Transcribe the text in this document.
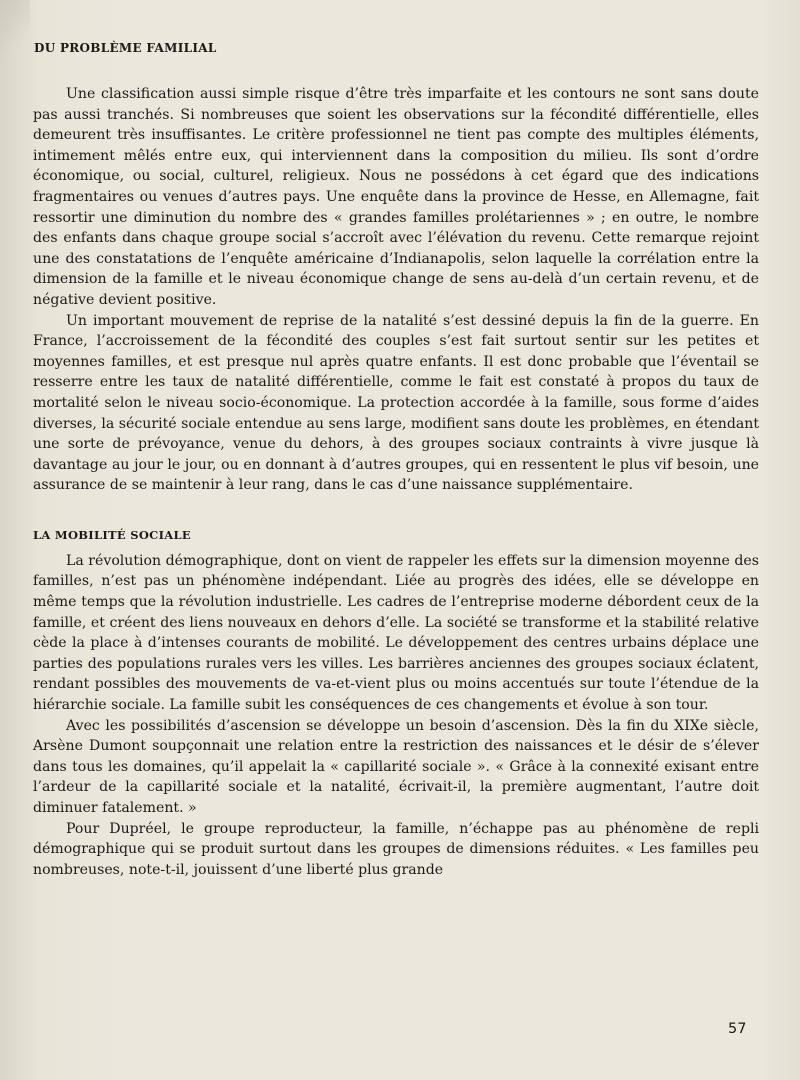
DU PROBLÈME FAMILIAL

Une classification aussi simple risque d’être très imparfaite et les contours ne sont sans doute pas aussi tranchés. Si nombreuses que soient les observations sur la fécondité différentielle, elles demeurent très insuffisantes. Le critère professionnel ne tient pas compte des multiples éléments, intimement mêlés entre eux, qui interviennent dans la composition du milieu. Ils sont d’ordre économique, ou social, culturel, religieux. Nous ne possédons à cet égard que des indications fragmentaires ou venues d’autres pays. Une enquête dans la province de Hesse, en Allemagne, fait ressortir une diminution du nombre des « grandes familles prolétariennes » ; en outre, le nombre des enfants dans chaque groupe social s’accroît avec l’élévation du revenu. Cette remarque rejoint une des constatations de l’enquête américaine d’Indianapolis, selon laquelle la corrélation entre la dimension de la famille et le niveau économique change de sens au-delà d’un certain revenu, et de négative devient positive.

Un important mouvement de reprise de la natalité s’est dessiné depuis la fin de la guerre. En France, l’accroissement de la fécondité des couples s’est fait surtout sentir sur les petites et moyennes familles, et est presque nul après quatre enfants. Il est donc probable que l’éventail se resserre entre les taux de natalité différentielle, comme le fait est constaté à propos du taux de mortalité selon le niveau socio-économique. La protection accordée à la famille, sous forme d’aides diverses, la sécurité sociale entendue au sens large, modifient sans doute les problèmes, en étendant une sorte de prévoyance, venue du dehors, à des groupes sociaux contraints à vivre jusque là davantage au jour le jour, ou en donnant à d’autres groupes, qui en ressentent le plus vif besoin, une assurance de se maintenir à leur rang, dans le cas d’une naissance supplémentaire.

LA MOBILITÉ SOCIALE

La révolution démographique, dont on vient de rappeler les effets sur la dimension moyenne des familles, n’est pas un phénomène indépendant. Liée au progrès des idées, elle se développe en même temps que la révolution industrielle. Les cadres de l’entreprise moderne débordent ceux de la famille, et créent des liens nouveaux en dehors d’elle. La société se transforme et la stabilité relative cède la place à d’intenses courants de mobilité. Le développement des centres urbains déplace une parties des populations rurales vers les villes. Les barrières anciennes des groupes sociaux éclatent, rendant possibles des mouvements de va-et-vient plus ou moins accentués sur toute l’étendue de la hiérarchie sociale. La famille subit les conséquences de ces changements et évolue à son tour.

Avec les possibilités d’ascension se développe un besoin d’ascension. Dès la fin du XIXe siècle, Arsène Dumont soupçonnait une relation entre la restriction des naissances et le désir de s’élever dans tous les domaines, qu’il appelait la « capillarité sociale ». « Grâce à la connexité exisant entre l’ardeur de la capillarité sociale et la natalité, écrivait-il, la première augmentant, l’autre doit diminuer fatalement. »

Pour Dupréel, le groupe reproducteur, la famille, n’échappe pas au phénomène de repli démographique qui se produit surtout dans les groupes de dimensions réduites. « Les familles peu nombreuses, note-t-il, jouissent d’une liberté plus grande

57
